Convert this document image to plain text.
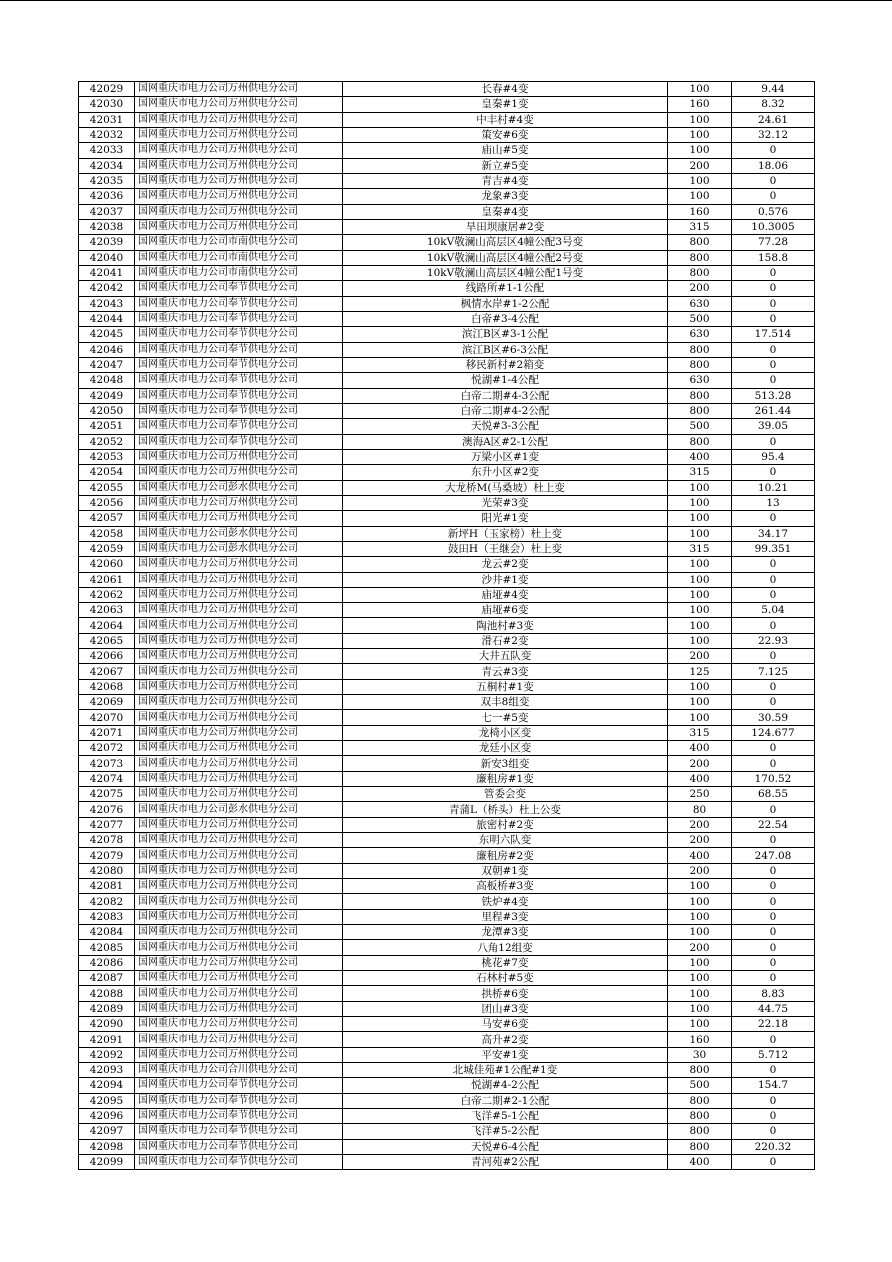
42029	国网重庆市电力公司万州供电分公司	长春#4变	100	9.44
42030	国网重庆市电力公司万州供电分公司	皇秦#1变	160	8.32
42031	国网重庆市电力公司万州供电分公司	中丰村#4变	100	24.61
42032	国网重庆市电力公司万州供电分公司	策安#6变	100	32.12
42033	国网重庆市电力公司万州供电分公司	庙山#5变	100	0
42034	国网重庆市电力公司万州供电分公司	新立#5变	200	18.06
42035	国网重庆市电力公司万州供电分公司	青吉#4变	100	0
42036	国网重庆市电力公司万州供电分公司	龙象#3变	100	0
42037	国网重庆市电力公司万州供电分公司	皇秦#4变	160	0.576
42038	国网重庆市电力公司万州供电分公司	旱田坝康居#2变	315	10.3005
42039	国网重庆市电力公司市南供电分公司	10kV敬澜山高层区4幢公配3号变	800	77.28
42040	国网重庆市电力公司市南供电分公司	10kV敬澜山高层区4幢公配2号变	800	158.8
42041	国网重庆市电力公司市南供电分公司	10kV敬澜山高层区4幢公配1号变	800	0
42042	国网重庆市电力公司奉节供电分公司	线路所#1-1公配	200	0
42043	国网重庆市电力公司奉节供电分公司	枫情水岸#1-2公配	630	0
42044	国网重庆市电力公司奉节供电分公司	白帝#3-4公配	500	0
42045	国网重庆市电力公司奉节供电分公司	滨江B区#3-1公配	630	17.514
42046	国网重庆市电力公司奉节供电分公司	滨江B区#6-3公配	800	0
42047	国网重庆市电力公司奉节供电分公司	移民新村#2箱变	800	0
42048	国网重庆市电力公司奉节供电分公司	悦湖#1-4公配	630	0
42049	国网重庆市电力公司奉节供电分公司	白帝二期#4-3公配	800	513.28
42050	国网重庆市电力公司奉节供电分公司	白帝二期#4-2公配	800	261.44
42051	国网重庆市电力公司奉节供电分公司	天悦#3-3公配	500	39.05
42052	国网重庆市电力公司奉节供电分公司	澳海A区#2-1公配	800	0
42053	国网重庆市电力公司万州供电分公司	万梁小区#1变	400	95.4
42054	国网重庆市电力公司万州供电分公司	东升小区#2变	315	0
42055	国网重庆市电力公司彭水供电分公司	大龙桥M(马桑坡）杜上变	100	10.21
42056	国网重庆市电力公司万州供电分公司	光荣#3变	100	13
42057	国网重庆市电力公司万州供电分公司	阳光#1变	100	0
42058	国网重庆市电力公司彭水供电分公司	新坪H（玉家榜）杜上变	100	34.17
42059	国网重庆市电力公司彭水供电分公司	鼓田H（王继会）杜上变	315	99.351
42060	国网重庆市电力公司万州供电分公司	龙云#2变	100	0
42061	国网重庆市电力公司万州供电分公司	沙井#1变	100	0
42062	国网重庆市电力公司万州供电分公司	庙垭#4变	100	0
42063	国网重庆市电力公司万州供电分公司	庙垭#6变	100	5.04
42064	国网重庆市电力公司万州供电分公司	陶池村#3变	100	0
42065	国网重庆市电力公司万州供电分公司	滑石#2变	100	22.93
42066	国网重庆市电力公司万州供电分公司	大井五队变	200	0
42067	国网重庆市电力公司万州供电分公司	青云#3变	125	7.125
42068	国网重庆市电力公司万州供电分公司	五桐村#1变	100	0
42069	国网重庆市电力公司万州供电分公司	双丰8组变	100	0
42070	国网重庆市电力公司万州供电分公司	七一#5变	100	30.59
42071	国网重庆市电力公司万州供电分公司	龙椅小区变	315	124.677
42072	国网重庆市电力公司万州供电分公司	龙廷小区变	400	0
42073	国网重庆市电力公司万州供电分公司	新安3组变	200	0
42074	国网重庆市电力公司万州供电分公司	廉租房#1变	400	170.52
42075	国网重庆市电力公司万州供电分公司	管委会变	250	68.55
42076	国网重庆市电力公司彭水供电分公司	青蒲L（桥头）杜上公变	80	0
42077	国网重庆市电力公司万州供电分公司	旅密村#2变	200	22.54
42078	国网重庆市电力公司万州供电分公司	东明六队变	200	0
42079	国网重庆市电力公司万州供电分公司	廉租房#2变	400	247.08
42080	国网重庆市电力公司万州供电分公司	双朝#1变	200	0
42081	国网重庆市电力公司万州供电分公司	高板桥#3变	100	0
42082	国网重庆市电力公司万州供电分公司	铁炉#4变	100	0
42083	国网重庆市电力公司万州供电分公司	里程#3变	100	0
42084	国网重庆市电力公司万州供电分公司	龙潭#3变	100	0
42085	国网重庆市电力公司万州供电分公司	八角12组变	200	0
42086	国网重庆市电力公司万州供电分公司	桃花#7变	100	0
42087	国网重庆市电力公司万州供电分公司	石林村#5变	100	0
42088	国网重庆市电力公司万州供电分公司	拱桥#6变	100	8.83
42089	国网重庆市电力公司万州供电分公司	团山#3变	100	44.75
42090	国网重庆市电力公司万州供电分公司	马安#6变	100	22.18
42091	国网重庆市电力公司万州供电分公司	高升#2变	160	0
42092	国网重庆市电力公司万州供电分公司	平安#1变	30	5.712
42093	国网重庆市电力公司合川供电分公司	北城佳苑#1公配#1变	800	0
42094	国网重庆市电力公司奉节供电分公司	悦湖#4-2公配	500	154.7
42095	国网重庆市电力公司奉节供电分公司	白帝二期#2-1公配	800	0
42096	国网重庆市电力公司奉节供电分公司	飞洋#5-1公配	800	0
42097	国网重庆市电力公司奉节供电分公司	飞洋#5-2公配	800	0
42098	国网重庆市电力公司奉节供电分公司	天悦#6-4公配	800	220.32
42099	国网重庆市电力公司奉节供电分公司	青河苑#2公配	400	0
